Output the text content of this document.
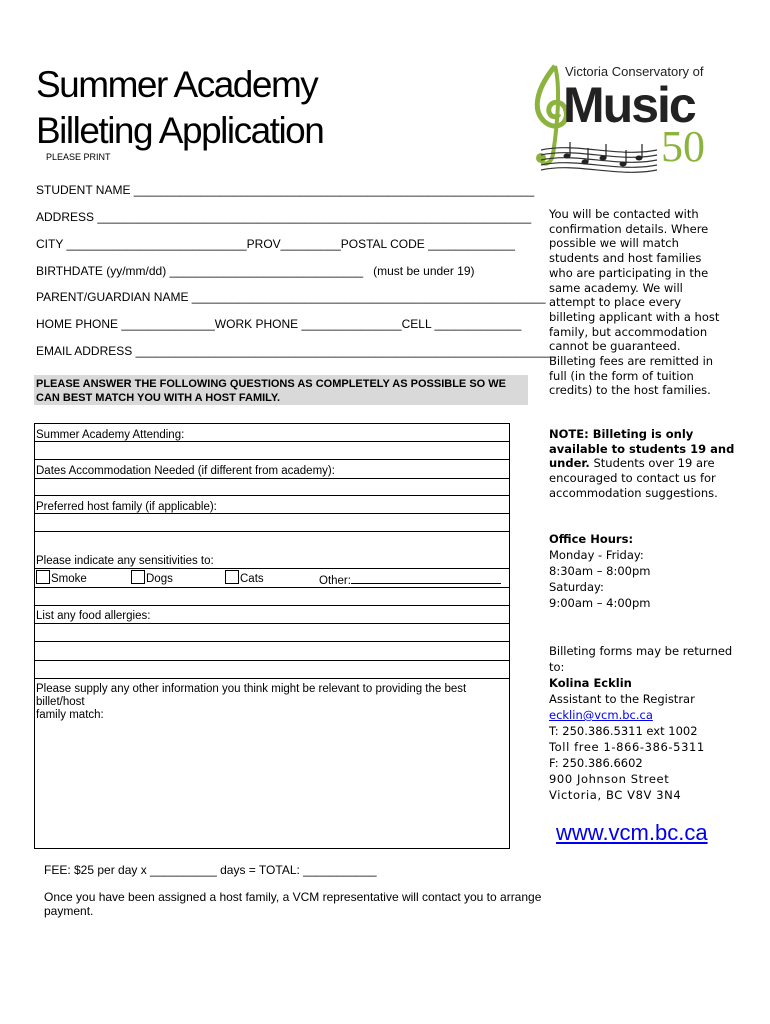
Summer Academy
Billeting Application
PLEASE PRINT
Victoria Conservatory of
Music
50
STUDENT NAME ____________________________________________________________
ADDRESS _________________________________________________________________
CITY ___________________________PROV_________POSTAL CODE _____________
BIRTHDATE (yy/mm/dd) _____________________________   (must be under 19)
PARENT/GUARDIAN NAME _____________________________________________________
HOME PHONE ______________WORK PHONE _______________CELL _____________
EMAIL ADDRESS _______________________________________________________________
PLEASE ANSWER THE FOLLOWING QUESTIONS AS COMPLETELY AS POSSIBLE SO WE
CAN BEST MATCH YOU WITH A HOST FAMILY.
Summer Academy Attending:
Dates Accommodation Needed (if different from academy):
Preferred host family (if applicable):
Please indicate any sensitivities to:
Smoke	Dogs	Cats	Other:
List any food allergies:
Please supply any other information you think might be relevant to providing the best billet/host
family match:
FEE: $25 per day x __________ days = TOTAL: ___________
Once you have been assigned a host family, a VCM representative will contact you to arrange
payment.
You will be contacted with
confirmation details. Where
possible we will match
students and host families
who are participating in the
same academy. We will
attempt to place every
billeting applicant with a host
family, but accommodation
cannot be guaranteed.
Billeting fees are remitted in
full (in the form of tuition
credits) to the host families.
NOTE: Billeting is only
available to students 19 and
under. Students over 19 are
encouraged to contact us for
accommodation suggestions.
Office Hours:
Monday - Friday:
8:30am – 8:00pm
Saturday:
9:00am – 4:00pm
Billeting forms may be returned
to:
Kolina Ecklin
Assistant to the Registrar
ecklin@vcm.bc.ca
T: 250.386.5311 ext 1002
Toll free 1-866-386-5311
F: 250.386.6602
900 Johnson Street
Victoria, BC V8V 3N4
www.vcm.bc.ca
